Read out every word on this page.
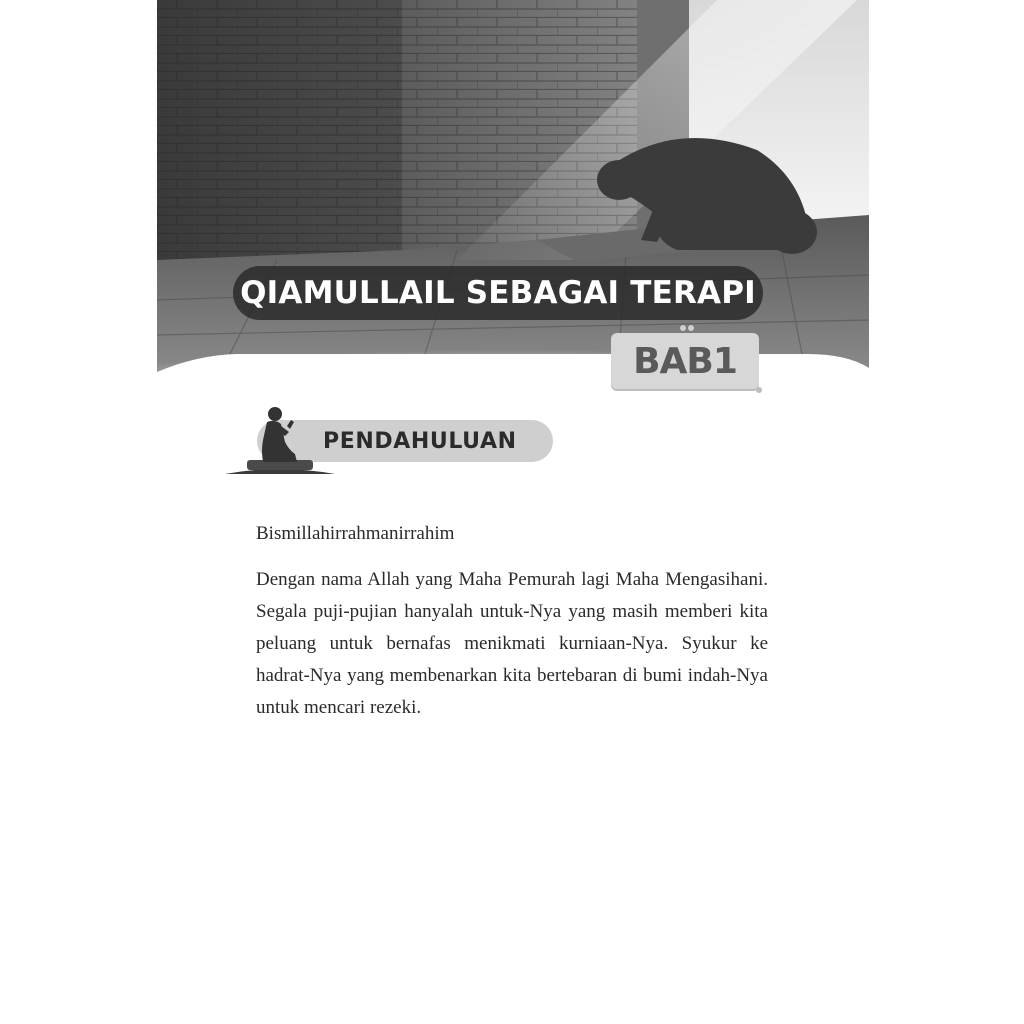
QIAMULLAIL SEBAGAI TERAPI
BAB1
PENDAHULUAN

Bismillahirrahmanirrahim

Dengan nama Allah yang Maha Pemurah lagi Maha Mengasihani. Segala puji-pujian hanyalah untuk-Nya yang masih memberi kita peluang untuk bernafas menikmati kurniaan-Nya. Syukur ke hadrat-Nya yang membenarkan kita bertebaran di bumi indah-Nya untuk mencari rezeki.
